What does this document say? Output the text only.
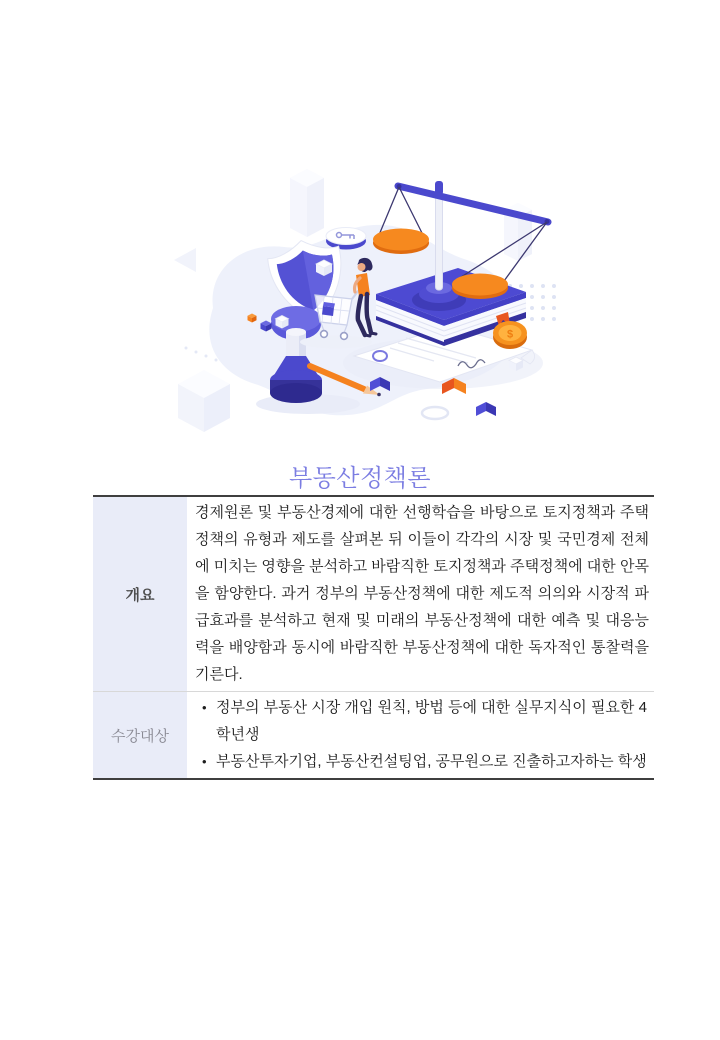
$
부동산정책론
개요

경제원론 및 부동산경제에 대한 선행학습을 바탕으로 토지정책과 주택정책의 유형과 제도를 살펴본 뒤 이들이 각각의 시장 및 국민경제 전체에 미치는 영향을 분석하고 바람직한 토지정책과 주택정책에 대한 안목을 함양한다. 과거 정부의 부동산정책에 대한 제도적 의의와 시장적 파급효과를 분석하고 현재 및 미래의 부동산정책에 대한 예측 및 대응능력을 배양함과 동시에 바람직한 부동산정책에 대한 독자적인 통찰력을 기른다.

수강대상
• 정부의 부동산 시장 개입 원칙, 방법 등에 대한 실무지식이 필요한 4학년생
• 부동산투자기업, 부동산컨설팅업, 공무원으로 진출하고자하는 학생
